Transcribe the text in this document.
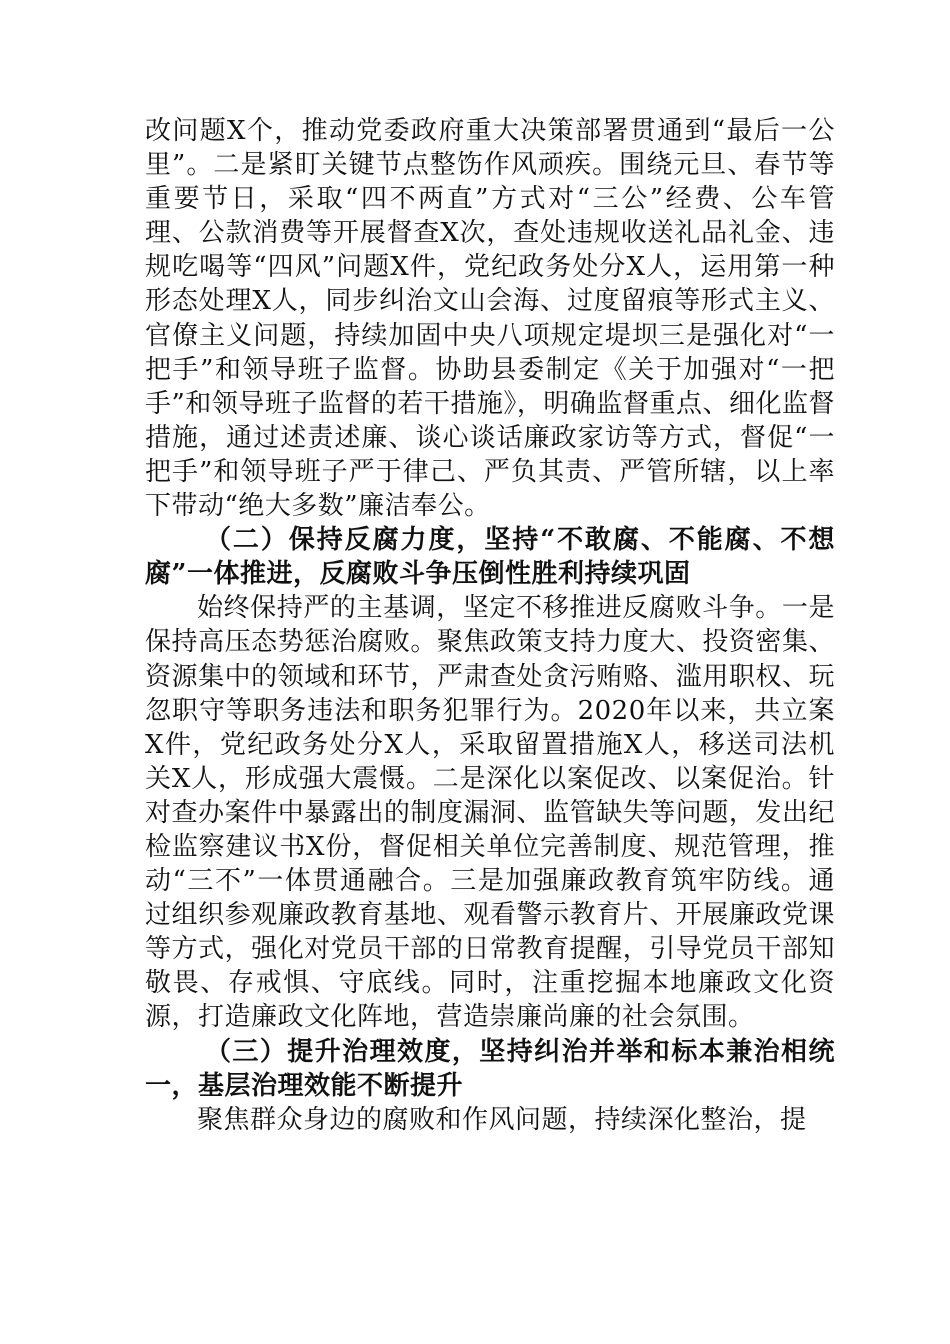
改问题X个，推动党委政府重大决策部署贯通到“最后一公里”。二是紧盯关键节点整饬作风顽疾。围绕元旦、春节等重要节日，采取“四不两直”方式对“三公”经费、公车管理、公款消费等开展督查X次，查处违规收送礼品礼金、违规吃喝等“四风”问题X件，党纪政务处分X人，运用第一种形态处理X人，同步纠治文山会海、过度留痕等形式主义、官僚主义问题，持续加固中央八项规定堤坝三是强化对“一把手”和领导班子监督。协助县委制定《关于加强对“一把手”和领导班子监督的若干措施》，明确监督重点、细化监督措施，通过述责述廉、谈心谈话廉政家访等方式，督促“一把手”和领导班子严于律己、严负其责、严管所辖，以上率下带动“绝大多数”廉洁奉公。

（二）保持反腐力度，坚持“不敢腐、不能腐、不想腐”一体推进，反腐败斗争压倒性胜利持续巩固

始终保持严的主基调，坚定不移推进反腐败斗争。一是保持高压态势惩治腐败。聚焦政策支持力度大、投资密集、资源集中的领域和环节，严肃查处贪污贿赂、滥用职权、玩忽职守等职务违法和职务犯罪行为。2020年以来，共立案X件，党纪政务处分X人，采取留置措施X人，移送司法机关X人，形成强大震慑。二是深化以案促改、以案促治。针对查办案件中暴露出的制度漏洞、监管缺失等问题，发出纪检监察建议书X份，督促相关单位完善制度、规范管理，推动“三不”一体贯通融合。三是加强廉政教育筑牢防线。通过组织参观廉政教育基地、观看警示教育片、开展廉政党课等方式，强化对党员干部的日常教育提醒，引导党员干部知敬畏、存戒惧、守底线。同时，注重挖掘本地廉政文化资源，打造廉政文化阵地，营造崇廉尚廉的社会氛围。

（三）提升治理效度，坚持纠治并举和标本兼治相统一，基层治理效能不断提升

聚焦群众身边的腐败和作风问题，持续深化整治，提
